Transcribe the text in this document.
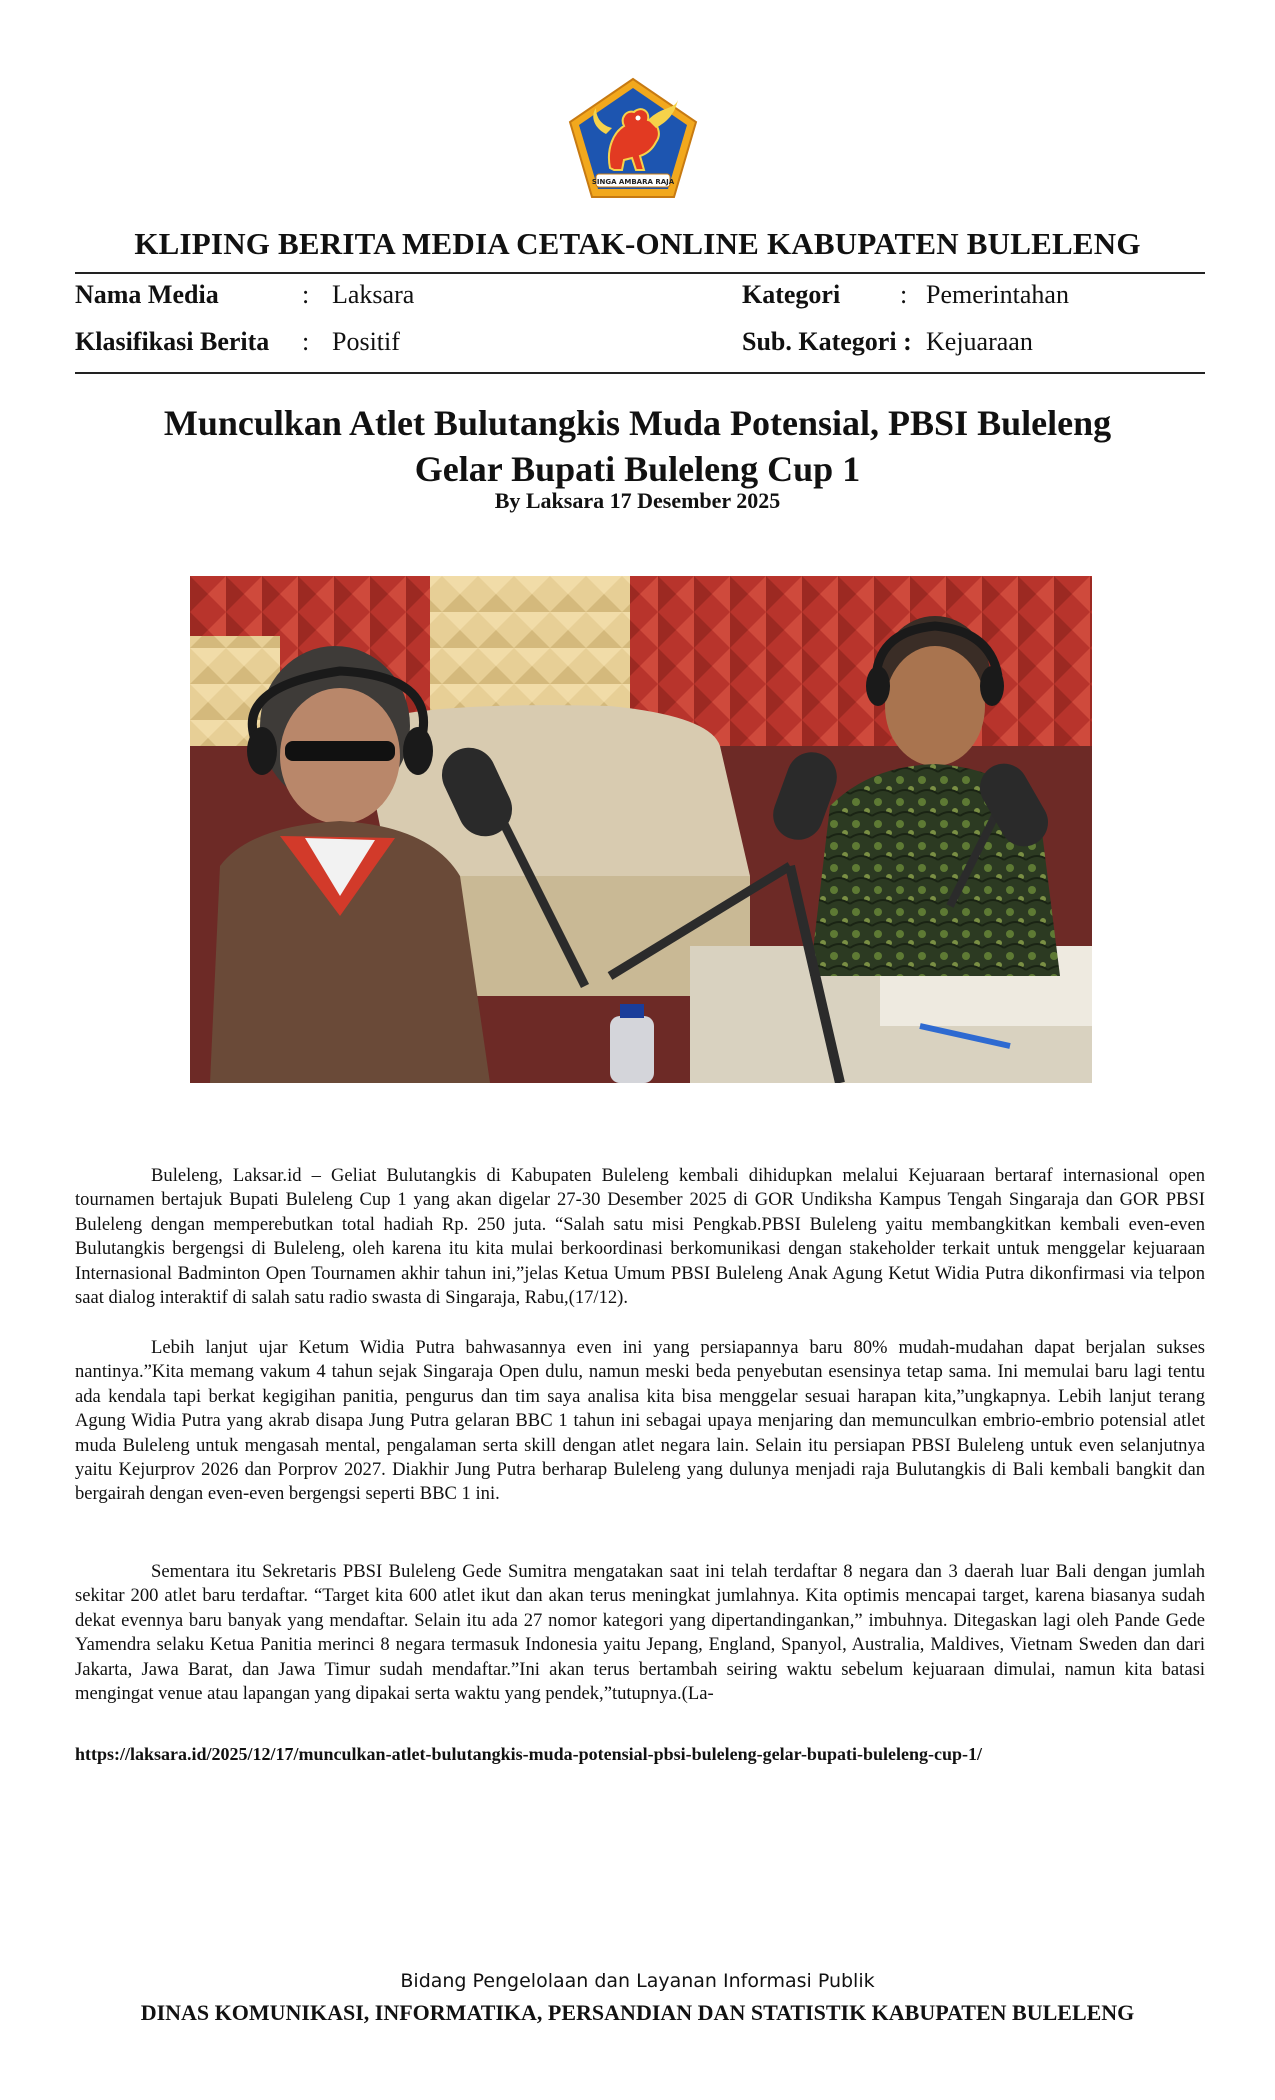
SINGA AMBARA RAJA
KLIPING BERITA MEDIA CETAK-ONLINE KABUPATEN BULELENG
Nama Media	: Laksara	Kategori : Pemerintahan
Klasifikasi Berita : Positif	Sub. Kategori : Kejuaraan
Munculkan Atlet Bulutangkis Muda Potensial, PBSI Buleleng
Gelar Bupati Buleleng Cup 1
By Laksara 17 Desember 2025

Buleleng, Laksar.id – Geliat Bulutangkis di Kabupaten Buleleng kembali dihidupkan melalui Kejuaraan bertaraf internasional open tournamen bertajuk Bupati Buleleng Cup 1 yang akan digelar 27-30 Desember 2025 di GOR Undiksha Kampus Tengah Singaraja dan GOR PBSI Buleleng dengan memperebutkan total hadiah Rp. 250 juta. “Salah satu misi Pengkab.PBSI Buleleng yaitu membangkitkan kembali even-even Bulutangkis bergengsi di Buleleng, oleh karena itu kita mulai berkoordinasi berkomunikasi dengan stakeholder terkait untuk menggelar kejuaraan Internasional Badminton Open Tournamen akhir tahun ini,”jelas Ketua Umum PBSI Buleleng Anak Agung Ketut Widia Putra dikonfirmasi via telpon saat dialog interaktif di salah satu radio swasta di Singaraja, Rabu,(17/12).

Lebih lanjut ujar Ketum Widia Putra bahwasannya even ini yang persiapannya baru 80% mudah-mudahan dapat berjalan sukses nantinya.”Kita memang vakum 4 tahun sejak Singaraja Open dulu, namun meski beda penyebutan esensinya tetap sama. Ini memulai baru lagi tentu ada kendala tapi berkat kegigihan panitia, pengurus dan tim saya analisa kita bisa menggelar sesuai harapan kita,”ungkapnya. Lebih lanjut terang Agung Widia Putra yang akrab disapa Jung Putra gelaran BBC 1 tahun ini sebagai upaya menjaring dan memunculkan embrio-embrio potensial atlet muda Buleleng untuk mengasah mental, pengalaman serta skill dengan atlet negara lain. Selain itu persiapan PBSI Buleleng untuk even selanjutnya yaitu Kejurprov 2026 dan Porprov 2027. Diakhir Jung Putra berharap Buleleng yang dulunya menjadi raja Bulutangkis di Bali kembali bangkit dan bergairah dengan even-even bergengsi seperti BBC 1 ini.

Sementara itu Sekretaris PBSI Buleleng Gede Sumitra mengatakan saat ini telah terdaftar 8 negara dan 3 daerah luar Bali dengan jumlah sekitar 200 atlet baru terdaftar. “Target kita 600 atlet ikut dan akan terus meningkat jumlahnya. Kita optimis mencapai target, karena biasanya sudah dekat evennya baru banyak yang mendaftar. Selain itu ada 27 nomor kategori yang dipertandingankan,” imbuhnya. Ditegaskan lagi oleh Pande Gede Yamendra selaku Ketua Panitia merinci 8 negara termasuk Indonesia yaitu Jepang, England, Spanyol, Australia, Maldives, Vietnam Sweden dan dari Jakarta, Jawa Barat, dan Jawa Timur sudah mendaftar.”Ini akan terus bertambah seiring waktu sebelum kejuaraan dimulai, namun kita batasi mengingat venue atau lapangan yang dipakai serta waktu yang pendek,”tutupnya.(La-

https://laksara.id/2025/12/17/munculkan-atlet-bulutangkis-muda-potensial-pbsi-buleleng-gelar-bupati-buleleng-cup-1/
Bidang Pengelolaan dan Layanan Informasi Publik
DINAS KOMUNIKASI, INFORMATIKA, PERSANDIAN DAN STATISTIK KABUPATEN BULELENG
